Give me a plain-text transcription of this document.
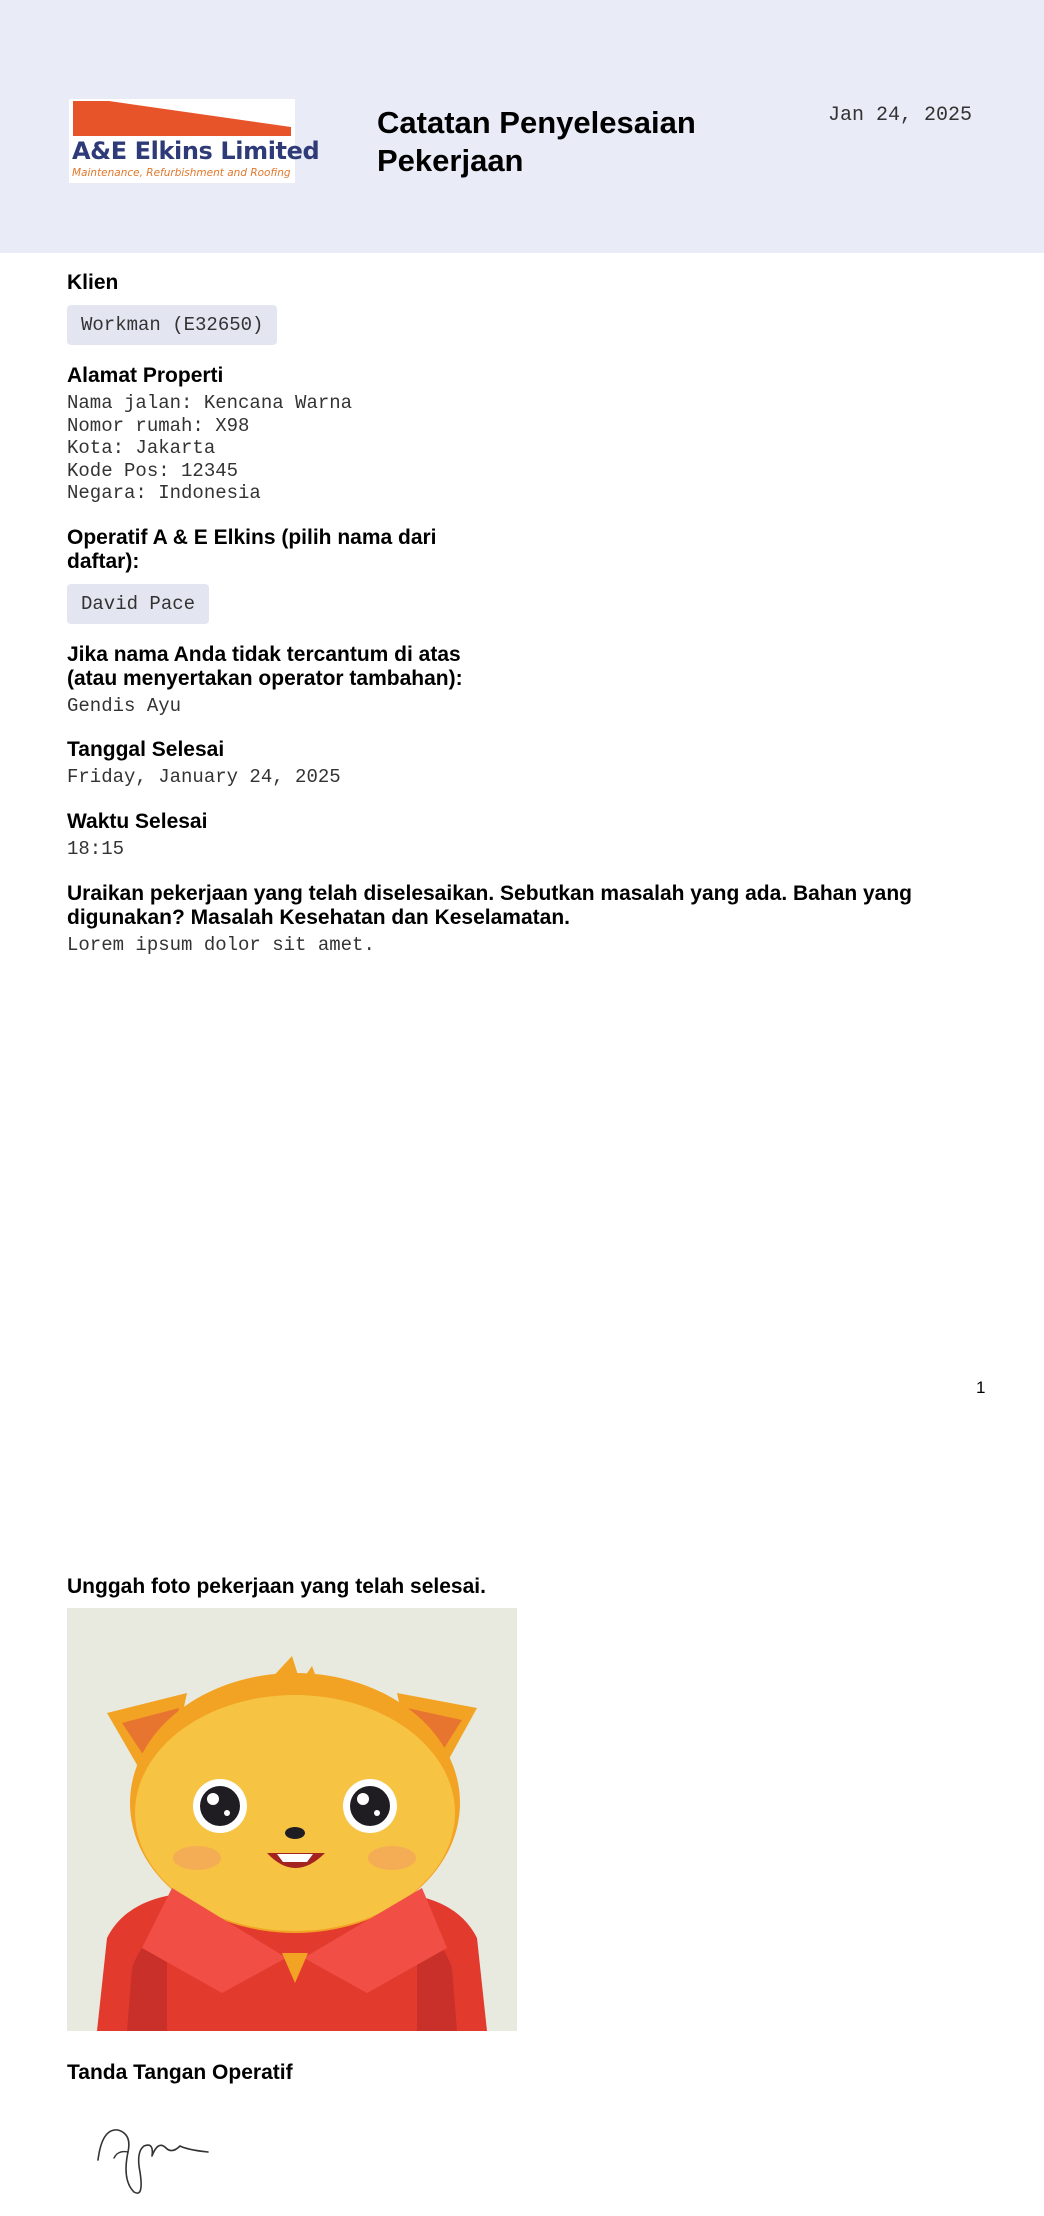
A&E Elkins Limited
Maintenance, Refurbishment and Roofing
Catatan Penyelesaian Pekerjaan
Jan 24, 2025

Klien

Workman (E32650)

Alamat Properti

Nama jalan: Kencana Warna
Nomor rumah: X98
Kota: Jakarta
Kode Pos: 12345
Negara: Indonesia

Operatif A & E Elkins (pilih nama dari daftar):

David Pace

Jika nama Anda tidak tercantum di atas (atau menyertakan operator tambahan):

Gendis Ayu

Tanggal Selesai

Friday, January 24, 2025

Waktu Selesai

18:15

Uraikan pekerjaan yang telah diselesaikan. Sebutkan masalah yang ada. Bahan yang digunakan? Masalah Kesehatan dan Keselamatan.

Lorem ipsum dolor sit amet.
1

Unggah foto pekerjaan yang telah selesai.

Tanda Tangan Operatif
